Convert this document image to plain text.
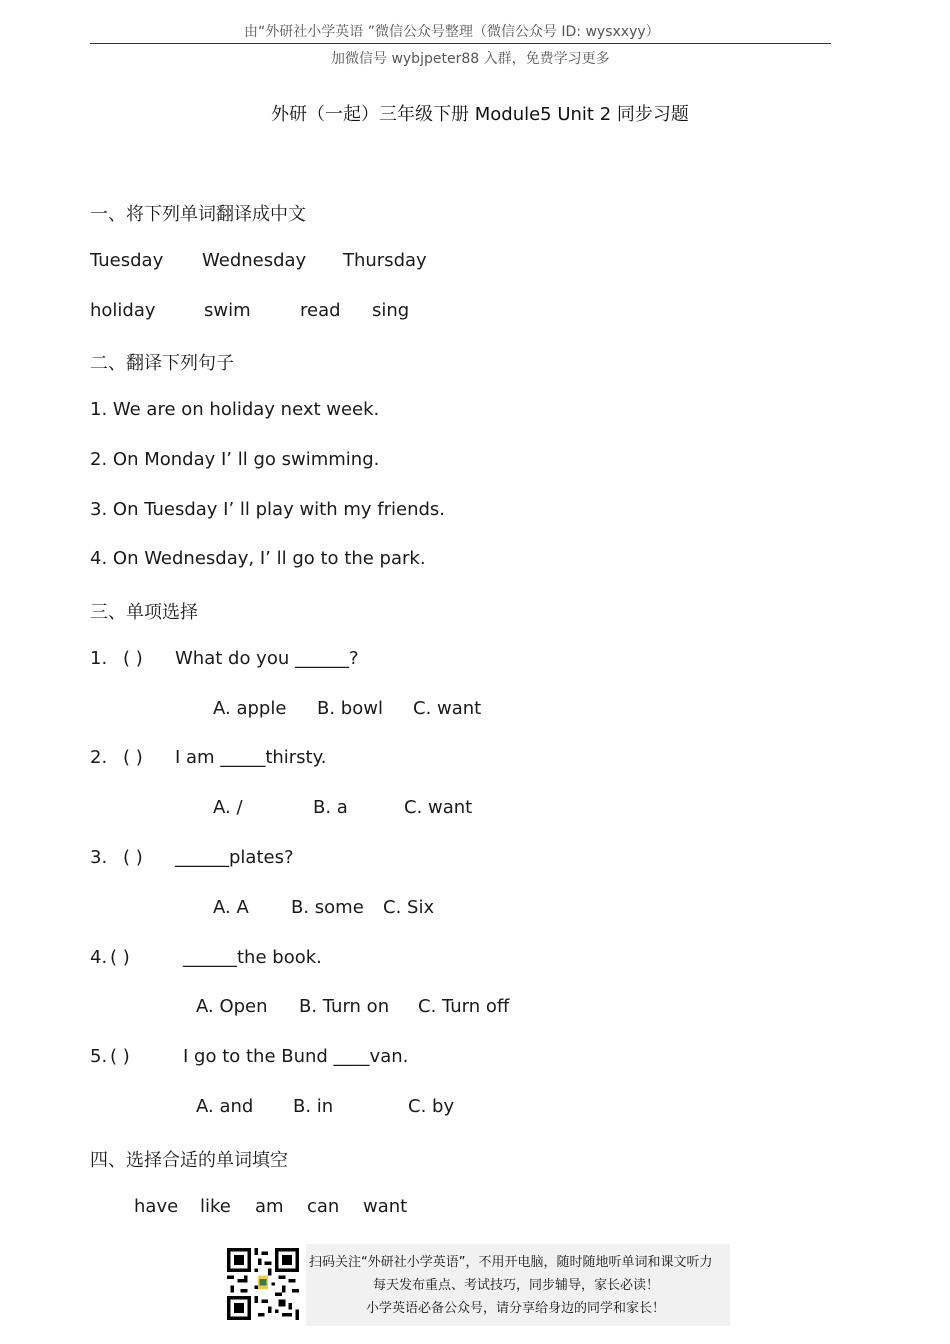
由“外研社小学英语 ”微信公众号整理（微信公众号 ID: wysxxyy）
加微信号 wybjpeter88 入群，免费学习更多
外研（一起）三年级下册 Module5 Unit 2 同步习题
一、将下列单词翻译成中文
Tuesday Wednesday Thursday
holiday	swim	read sing
二、翻译下列句子
1. We are on holiday next week.
2. On Monday I’ ll go swimming.
3. On Tuesday I’ ll play with my friends.
4. On Wednesday, I’ ll go to the park.
三、单项选择
1. ( ) What do you ______?
A. apple B. bowl C. want
2. ( ) I am _____thirsty.
A. /	B. a	C. want
3. ( ) ______plates?
A. A B. some C. Six
4. ( )	______the book.
A. Open B. Turn on C. Turn off
5. ( )	I go to the Bund ____van.
A. and B. in	C. by
四、选择合适的单词填空
have like am can want
扫码关注“外研社小学英语”，不用开电脑，随时随地听单词和课文听力
每天发布重点、考试技巧，同步辅导，家长必读！
小学英语必备公众号，请分享给身边的同学和家长！
